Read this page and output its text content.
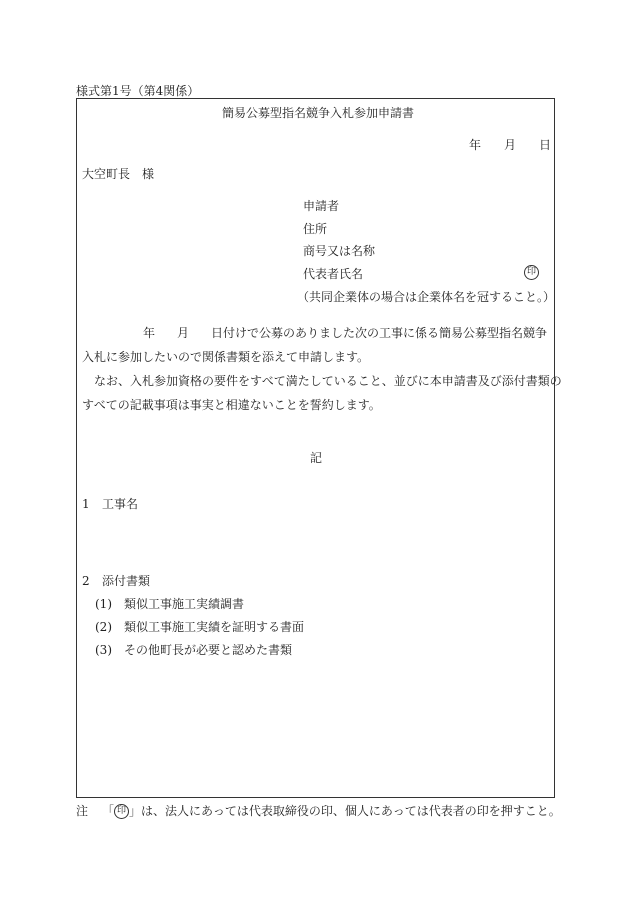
様式第1号（第4関係）
簡易公募型指名競争入札参加申請書
年 月 日
大空町長　様
申請者
住所
商号又は名称
代表者氏名	印
（共同企業体の場合は企業体名を冠すること。）
年 月 日付けで公募のありました次の工事に係る簡易公募型指名競争
入札に参加したいので関係書類を添えて申請します。
　なお、入札参加資格の要件をすべて満たしていること、並びに本申請書及び添付書類の
すべての記載事項は事実と相違ないことを誓約します。
記
1 工事名
2 添付書類
(1) 類似工事施工実績調書
(2) 類似工事施工実績を証明する書面
(3) その他町長が必要と認めた書類
注 「 印 」は、法人にあっては代表取締役の印、個人にあっては代表者の印を押すこと。
